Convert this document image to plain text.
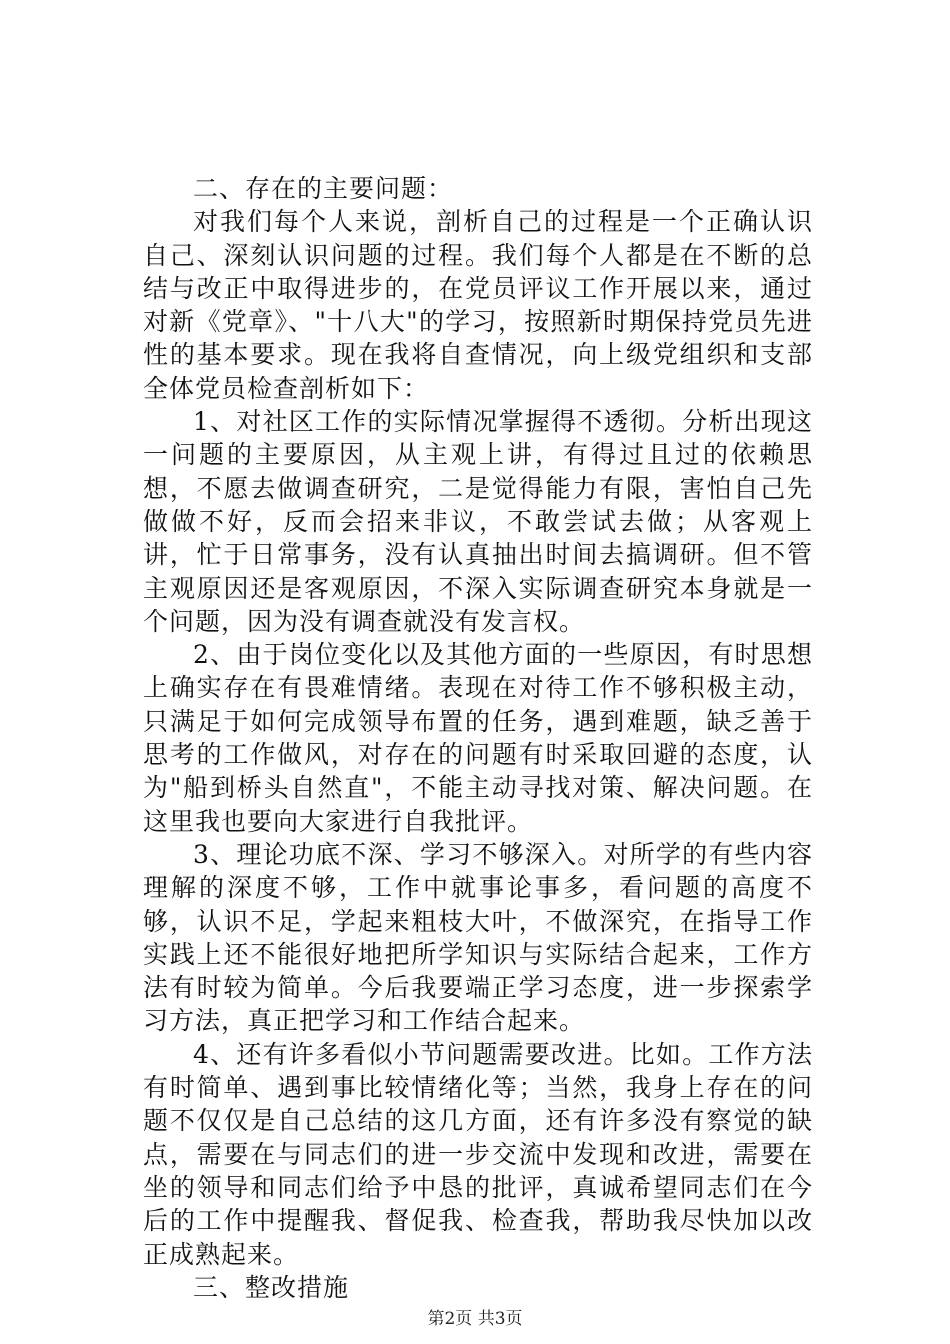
二、存在的主要问题：

对我们每个人来说，剖析自己的过程是一个正确认识自己、深刻认识问题的过程。我们每个人都是在不断的总结与改正中取得进步的，在党员评议工作开展以来，通过对新《党章》、"十八大"的学习，按照新时期保持党员先进性的基本要求。现在我将自查情况，向上级党组织和支部全体党员检查剖析如下：

1、对社区工作的实际情况掌握得不透彻。分析出现这一问题的主要原因，从主观上讲，有得过且过的依赖思想，不愿去做调查研究，二是觉得能力有限，害怕自己先做做不好，反而会招来非议，不敢尝试去做；从客观上讲，忙于日常事务，没有认真抽出时间去搞调研。但不管主观原因还是客观原因，不深入实际调查研究本身就是一个问题，因为没有调查就没有发言权。

2、由于岗位变化以及其他方面的一些原因，有时思想上确实存在有畏难情绪。表现在对待工作不够积极主动，只满足于如何完成领导布置的任务，遇到难题，缺乏善于思考的工作做风，对存在的问题有时采取回避的态度，认为"船到桥头自然直"，不能主动寻找对策、解决问题。在这里我也要向大家进行自我批评。

3、理论功底不深、学习不够深入。对所学的有些内容理解的深度不够，工作中就事论事多，看问题的高度不够，认识不足，学起来粗枝大叶，不做深究，在指导工作实践上还不能很好地把所学知识与实际结合起来，工作方法有时较为简单。今后我要端正学习态度，进一步探索学习方法，真正把学习和工作结合起来。

4、还有许多看似小节问题需要改进。比如。工作方法有时简单、遇到事比较情绪化等；当然，我身上存在的问题不仅仅是自己总结的这几方面，还有许多没有察觉的缺点，需要在与同志们的进一步交流中发现和改进，需要在坐的领导和同志们给予中恳的批评，真诚希望同志们在今后的工作中提醒我、督促我、检查我，帮助我尽快加以改正成熟起来。

三、整改措施

第2页 共3页
